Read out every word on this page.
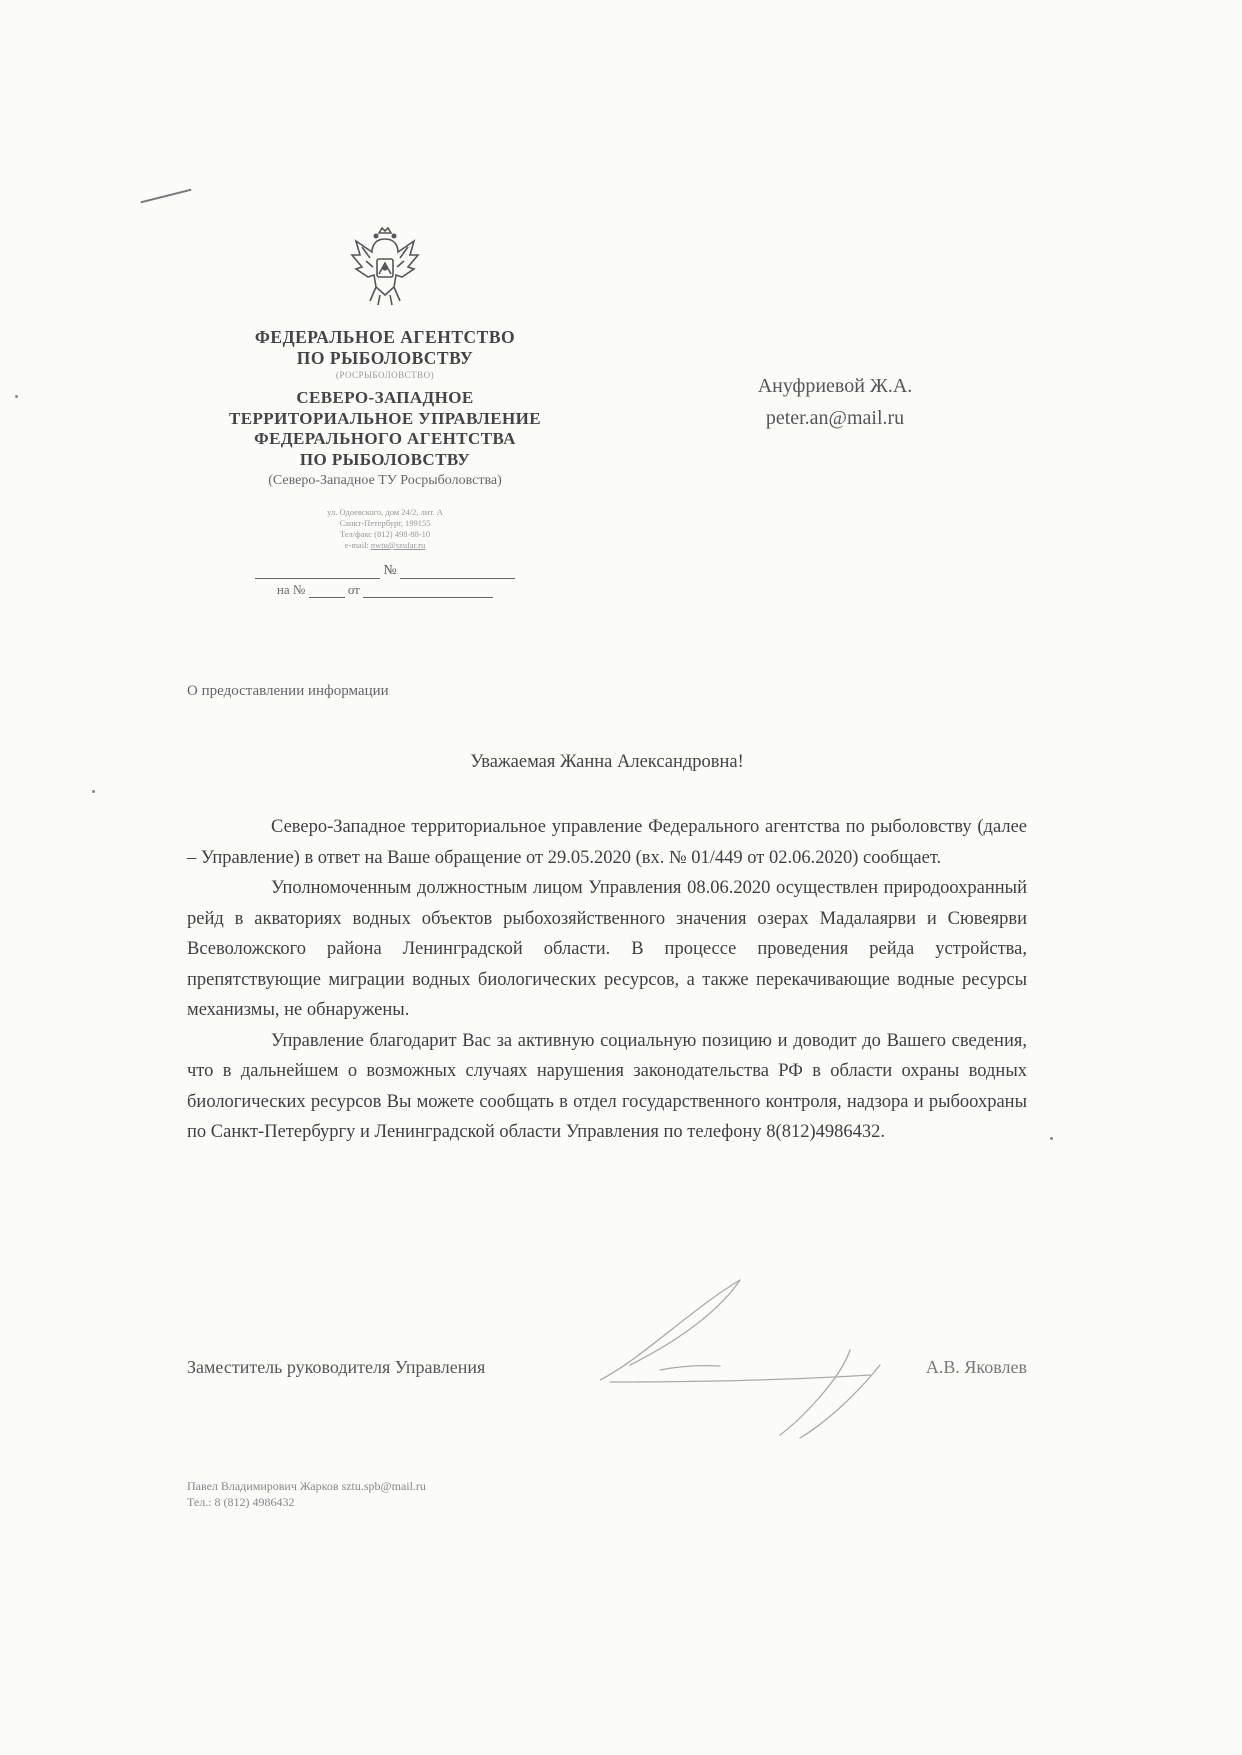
ФЕДЕРАЛЬНОЕ АГЕНТСТВО
ПО РЫБОЛОВСТВУ
(РОСРЫБОЛОВСТВО)
СЕВЕРО-ЗАПАДНОЕ
ТЕРРИТОРИАЛЬНОЕ УПРАВЛЕНИЕ
ФЕДЕРАЛЬНОГО АГЕНТСТВА
ПО РЫБОЛОВСТВУ
(Северо-Западное ТУ Росрыболовства)
ул. Одоевского, дом 24/2, лит. А
Санкт-Петербург, 199155
Тел/факс (812) 498-88-10
e-mail: nwtu@szufar.ru
№
на №	от
Ануфриевой Ж.А.
peter.an@mail.ru
О предоставлении информации
Уважаемая Жанна Александровна!

Северо-Западное территориальное управление Федерального агентства по рыболовству (далее – Управление) в ответ на Ваше обращение от 29.05.2020 (вх. № 01/449 от 02.06.2020) сообщает.

Уполномоченным должностным лицом Управления 08.06.2020 осуществлен природоохранный рейд в акваториях водных объектов рыбохозяйственного значения озерах Мадалаярви и Сювеярви Всеволожского района Ленинградской области. В процессе проведения рейда устройства, препятствующие миграции водных биологических ресурсов, а также перекачивающие водные ресурсы механизмы, не обнаружены.

Управление благодарит Вас за активную социальную позицию и доводит до Вашего сведения, что в дальнейшем о возможных случаях нарушения законодательства РФ в области охраны водных биологических ресурсов Вы можете сообщать в отдел государственного контроля, надзора и рыбоохраны по Санкт-Петербургу и Ленинградской области Управления по телефону 8(812)4986432.

Заместитель руководителя Управления	А.В. Яковлев
Павел Владимирович Жарков sztu.spb@mail.ru
Тел.: 8 (812) 4986432
